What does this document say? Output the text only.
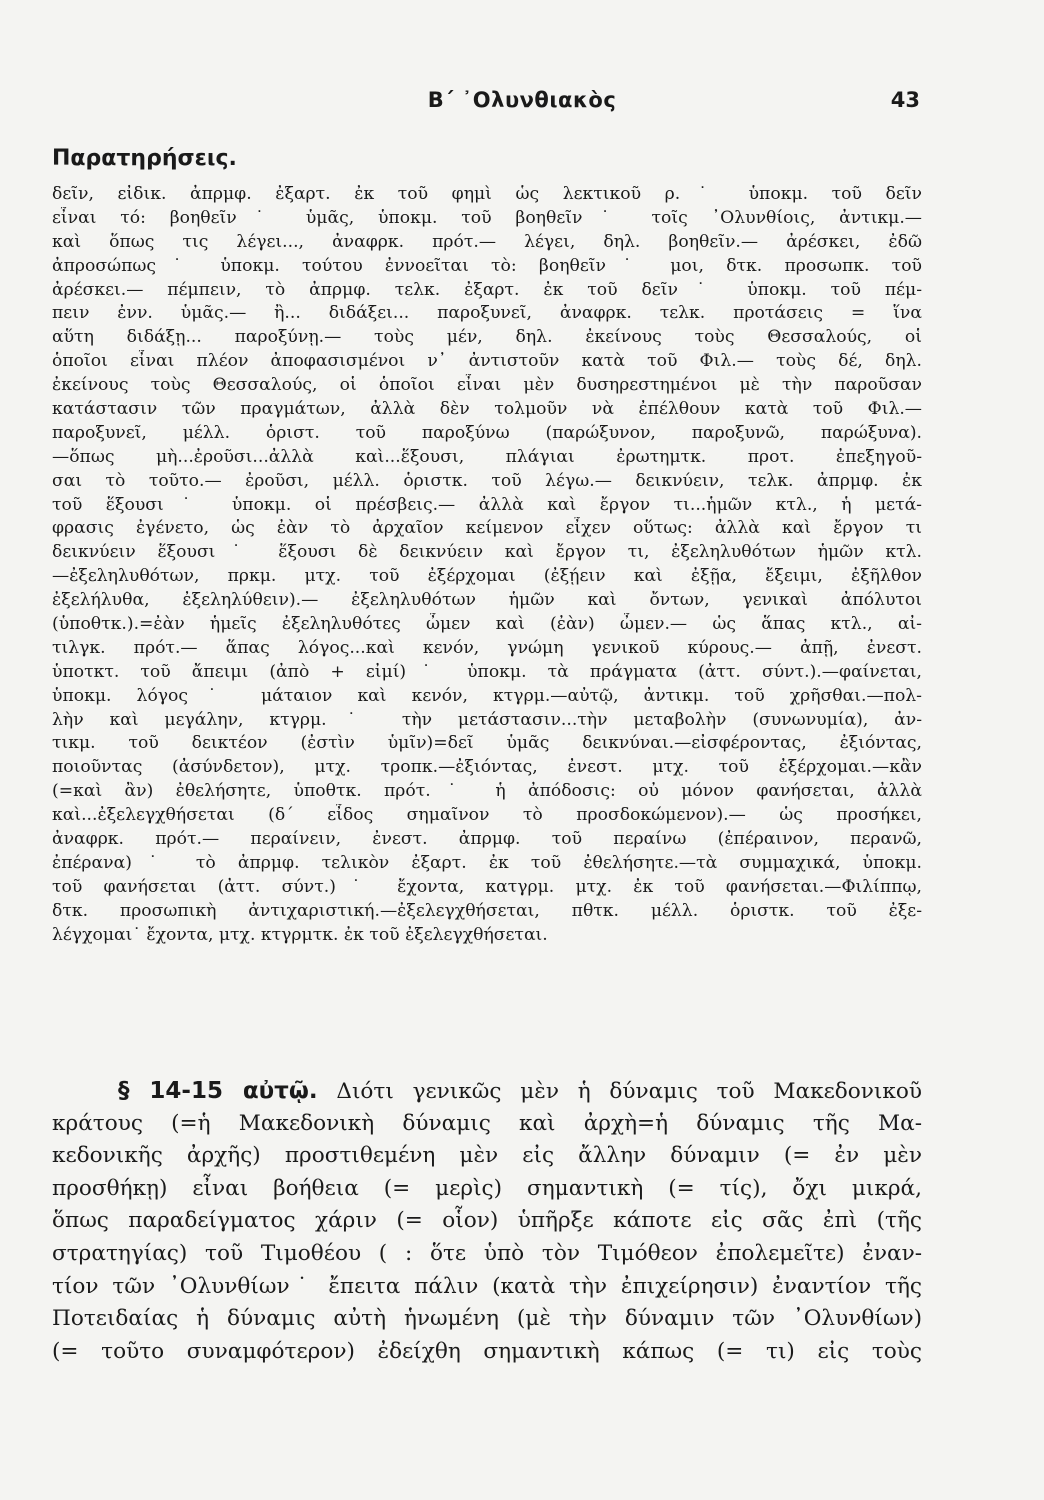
Β΄ ᾿Ολυνθιακὸς	43
Παρατηρήσεις.
δεῖν, εἰδικ. ἀπρμφ. ἐξαρτ. ἐκ τοῦ φημὶ ὡς λεκτικοῦ ρ.˙ ὑποκμ. τοῦ δεῖν
εἶναι τό: βοηθεῖν˙ ὑμᾶς, ὑποκμ. τοῦ βοηθεῖν˙ τοῖς ᾿Ολυνθίοις, ἀντικμ.—
καὶ ὅπως τις λέγει..., ἀναφρκ. πρότ.— λέγει, δηλ. βοηθεῖν.— ἀρέσκει, ἐδῶ
ἀπροσώπως˙ ὑποκμ. τούτου ἐννοεῖται τὸ: βοηθεῖν˙ μοι, δτκ. προσωπκ. τοῦ
ἀρέσκει.— πέμπειν, τὸ ἀπρμφ. τελκ. ἐξαρτ. ἐκ τοῦ δεῖν˙ ὑποκμ. τοῦ πέμ-
πειν ἐνν. ὑμᾶς.— ἢ... διδάξει... παροξυνεῖ, ἀναφρκ. τελκ. προτάσεις = ἵνα
αὕτη διδάξῃ... παροξύνῃ.— τοὺς μέν, δηλ. ἐκείνους τοὺς Θεσσαλούς, οἱ
ὁποῖοι εἶναι πλέον ἀποφασισμένοι ν᾿ ἀντιστοῦν κατὰ τοῦ Φιλ.— τοὺς δέ, δηλ.
ἐκείνους τοὺς Θεσσαλούς, οἱ ὁποῖοι εἶναι μὲν δυσηρεστημένοι μὲ τὴν παροῦσαν
κατάστασιν τῶν πραγμάτων, ἀλλὰ δὲν τολμοῦν νὰ ἐπέλθουν κατὰ τοῦ Φιλ.—
παροξυνεῖ, μέλλ. ὁριστ. τοῦ παροξύνω (παρώξυνον, παροξυνῶ, παρώξυνα).
—ὅπως μὴ...ἐροῦσι...ἀλλὰ καὶ...ἕξουσι, πλάγιαι ἐρωτημτκ. προτ. ἐπεξηγοῦ-
σαι τὸ τοῦτο.— ἐροῦσι, μέλλ. ὁριστκ. τοῦ λέγω.— δεικνύειν, τελκ. ἀπρμφ. ἐκ
τοῦ ἕξουσι˙ ὑποκμ. οἱ πρέσβεις.— ἀλλὰ καὶ ἔργον τι...ἡμῶν κτλ., ἡ μετά-
φρασις ἐγένετο, ὡς ἐὰν τὸ ἀρχαῖον κείμενον εἶχεν οὕτως: ἀλλὰ καὶ ἔργον τι
δεικνύειν ἕξουσι˙ ἕξουσι δὲ δεικνύειν καὶ ἔργον τι, ἐξεληλυθότων ἡμῶν κτλ.
—ἐξεληλυθότων, πρκμ. μτχ. τοῦ ἐξέρχομαι (ἐξῄειν καὶ ἐξῇα, ἔξειμι, ἐξῆλθον
ἐξελήλυθα, ἐξεληλύθειν).— ἐξεληλυθότων ἡμῶν καὶ ὄντων, γενικαὶ ἀπόλυτοι
(ὑποθτκ.).=ἐὰν ἡμεῖς ἐξεληλυθότες ὦμεν καὶ (ἐὰν) ὦμεν.— ὡς ἅπας κτλ., αἰ-
τιλγκ. πρότ.— ἅπας λόγος...καὶ κενόν, γνώμη γενικοῦ κύρους.— ἀπῇ, ἐνεστ.
ὑποτκτ. τοῦ ἄπειμι (ἀπὸ + εἰμί)˙ ὑποκμ. τὰ πράγματα (ἀττ. σύντ.).—φαίνεται,
ὑποκμ. λόγος˙ μάταιον καὶ κενόν, κτγρμ.—αὐτῷ, ἀντικμ. τοῦ χρῆσθαι.—πολ-
λὴν καὶ μεγάλην, κτγρμ.˙ τὴν μετάστασιν...τὴν μεταβολὴν (συνωνυμία), ἀν-
τικμ. τοῦ δεικτέον (ἐστὶν ὑμῖν)=δεῖ ὑμᾶς δεικνύναι.—εἰσφέροντας, ἐξιόντας,
ποιοῦντας (ἀσύνδετον), μτχ. τροπκ.—ἐξιόντας, ἐνεστ. μτχ. τοῦ ἐξέρχομαι.—κἂν
(=καὶ ἂν) ἐθελήσητε, ὑποθτκ. πρότ.˙ ἡ ἀπόδοσις: οὐ μόνον φανήσεται, ἀλλὰ
καὶ...ἐξελεγχθήσεται (δ΄ εἶδος σημαῖνον τὸ προσδοκώμενον).— ὡς προσήκει,
ἀναφρκ. πρότ.— περαίνειν, ἐνεστ. ἀπρμφ. τοῦ περαίνω (ἐπέραινον, περανῶ,
ἐπέρανα)˙ τὸ ἀπρμφ. τελικὸν ἐξαρτ. ἐκ τοῦ ἐθελήσητε.—τὰ συμμαχικά, ὑποκμ.
τοῦ φανήσεται (ἀττ. σύντ.)˙ ἔχοντα, κατγρμ. μτχ. ἐκ τοῦ φανήσεται.—Φιλίππῳ,
δτκ. προσωπικὴ ἀντιχαριστική.—ἐξελεγχθήσεται, πθτκ. μέλλ. ὁριστκ. τοῦ ἐξε-
λέγχομαι˙ ἔχοντα, μτχ. κτγρμτκ. ἐκ τοῦ ἐξελεγχθήσεται.
§ 14-15 αὐτῷ. Διότι γενικῶς μὲν ἡ δύναμις τοῦ Μακεδονικοῦ
κράτους (=ἡ Μακεδονικὴ δύναμις καὶ ἀρχὴ=ἡ δύναμις τῆς Μα-
κεδονικῆς ἀρχῆς) προστιθεμένη μὲν εἰς ἄλλην δύναμιν (= ἐν μὲν
προσθήκῃ) εἶναι βοήθεια (= μερὶς) σημαντικὴ (= τίς), ὄχι μικρά,
ὅπως παραδείγματος χάριν (= οἷον) ὑπῆρξε κάποτε εἰς σᾶς ἐπὶ (τῆς
στρατηγίας) τοῦ Τιμοθέου ( : ὅτε ὑπὸ τὸν Τιμόθεον ἐπολεμεῖτε) ἐναν-
τίον τῶν ᾿Ολυνθίων˙ ἔπειτα πάλιν (κατὰ τὴν ἐπιχείρησιν) ἐναντίον τῆς
Ποτειδαίας ἡ δύναμις αὐτὴ ἡνωμένη (μὲ τὴν δύναμιν τῶν ᾿Ολυνθίων)
(= τοῦτο συναμφότερον) ἐδείχθη σημαντικὴ κάπως (= τι) εἰς τοὺς
